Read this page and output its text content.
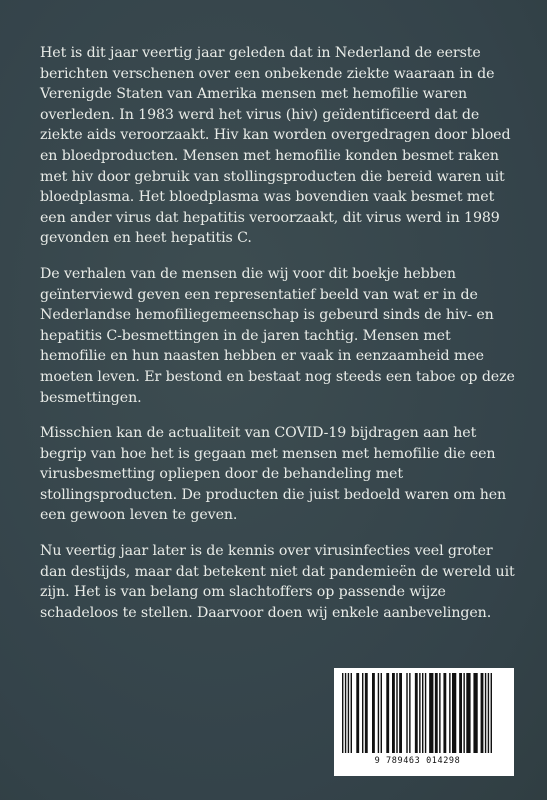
Het is dit jaar veertig jaar geleden dat in Nederland de eerste berichten verschenen over een onbekende ziekte waaraan in de Verenigde Staten van Amerika mensen met hemofilie waren overleden. In 1983 werd het virus (hiv) geïdentificeerd dat de ziekte aids veroorzaakt. Hiv kan worden overgedragen door bloed en bloedproducten. Mensen met hemofilie konden besmet raken met hiv door gebruik van stollingsproducten die bereid waren uit bloedplasma. Het bloedplasma was bovendien vaak besmet met een ander virus dat hepatitis veroorzaakt, dit virus werd in 1989 gevonden en heet hepatitis C.

De verhalen van de mensen die wij voor dit boekje hebben geïnterviewd geven een representatief beeld van wat er in de Nederlandse hemofiliegemeenschap is gebeurd sinds de hiv- en hepatitis C-besmettingen in de jaren tachtig. Mensen met hemofilie en hun naasten hebben er vaak in eenzaamheid mee moeten leven. Er bestond en bestaat nog steeds een taboe op deze besmettingen.

Misschien kan de actualiteit van COVID-19 bijdragen aan het begrip van hoe het is gegaan met mensen met hemofilie die een virusbesmetting opliepen door de behandeling met stollingsproducten. De producten die juist bedoeld waren om hen een gewoon leven te geven.

Nu veertig jaar later is de kennis over virusinfecties veel groter dan destijds, maar dat betekent niet dat pandemieën de wereld uit zijn. Het is van belang om slachtoffers op passende wijze schadeloos te stellen. Daarvoor doen wij enkele aanbevelingen.

9 789463 014298
